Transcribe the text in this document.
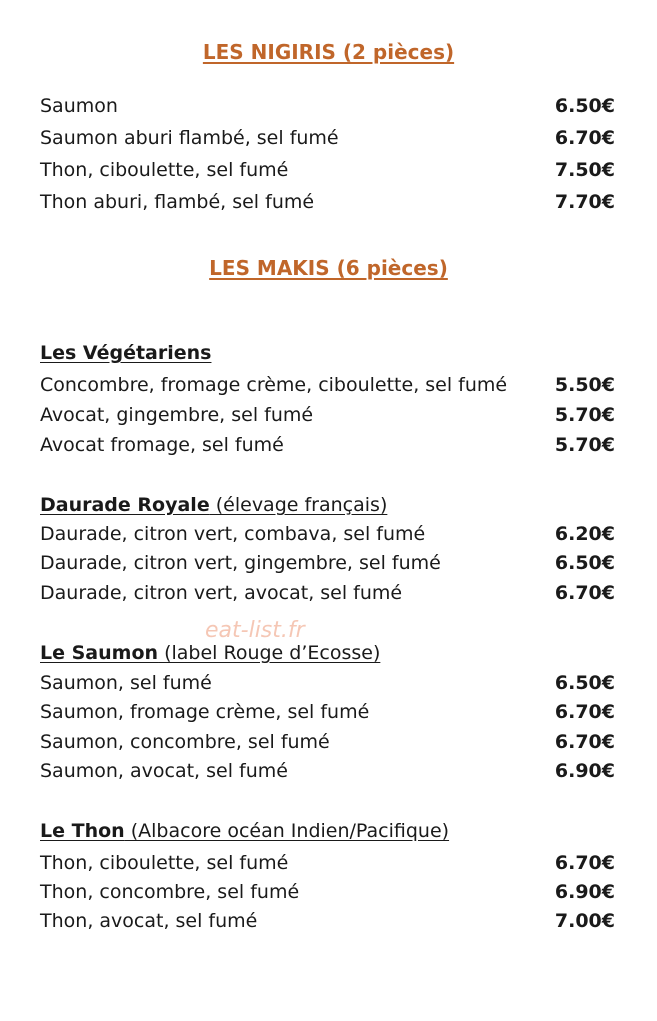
LES NIGIRIS (2 pièces)
Saumon	6.50€
Saumon aburi flambé, sel fumé	6.70€
Thon, ciboulette, sel fumé	7.50€
Thon aburi, flambé, sel fumé	7.70€
LES MAKIS (6 pièces)
Les Végétariens
Concombre, fromage crème, ciboulette, sel fumé	5.50€
Avocat, gingembre, sel fumé	5.70€
Avocat fromage, sel fumé	5.70€
Daurade Royale (élevage français)
Daurade, citron vert, combava, sel fumé	6.20€
Daurade, citron vert, gingembre, sel fumé	6.50€
Daurade, citron vert, avocat, sel fumé	6.70€
Le Saumon (label Rouge d’Ecosse)
Saumon, sel fumé	6.50€
Saumon, fromage crème, sel fumé	6.70€
Saumon, concombre, sel fumé	6.70€
Saumon, avocat, sel fumé	6.90€
Le Thon (Albacore océan Indien/Pacifique)
Thon, ciboulette, sel fumé	6.70€
Thon, concombre, sel fumé	6.90€
Thon, avocat, sel fumé	7.00€
eat-list.fr
